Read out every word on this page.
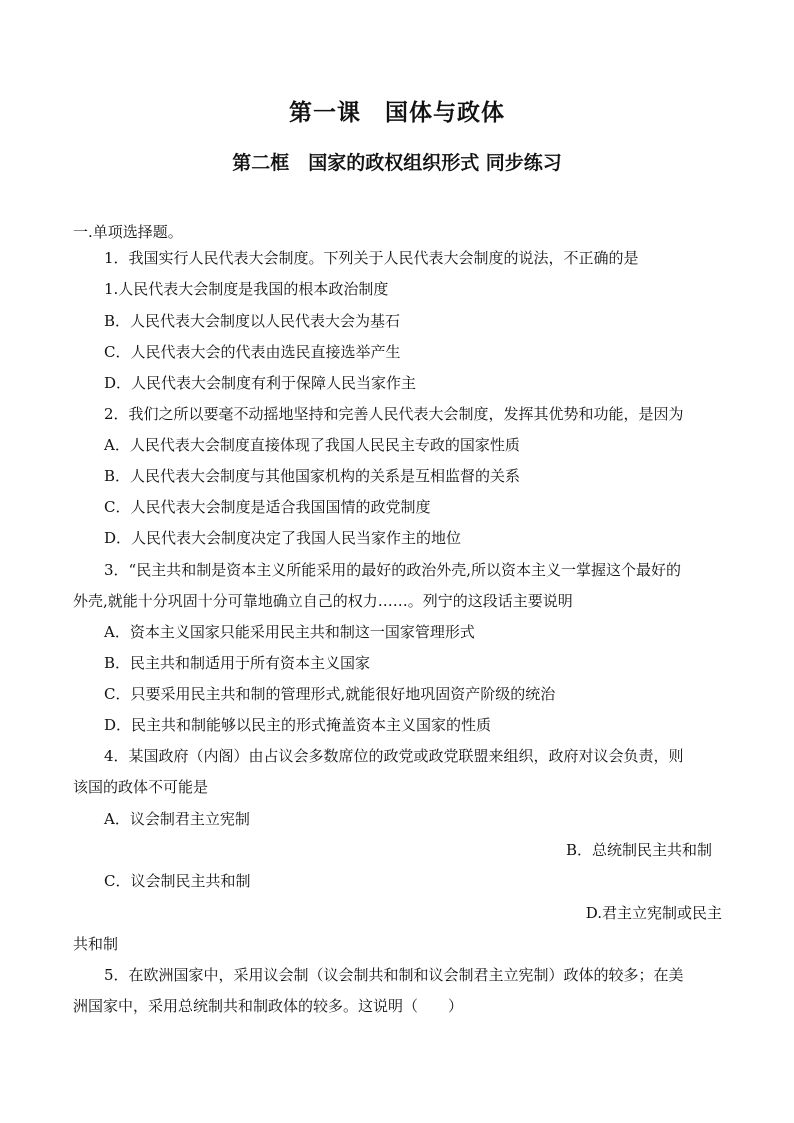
第一课　国体与政体
第二框　国家的政权组织形式 同步练习
一.单项选择题。
1．我国实行人民代表大会制度。下列关于人民代表大会制度的说法，不正确的是
1.人民代表大会制度是我国的根本政治制度
B．人民代表大会制度以人民代表大会为基石
C．人民代表大会的代表由选民直接选举产生
D．人民代表大会制度有利于保障人民当家作主
2．我们之所以要毫不动摇地坚持和完善人民代表大会制度，发挥其优势和功能，是因为
A．人民代表大会制度直接体现了我国人民民主专政的国家性质
B．人民代表大会制度与其他国家机构的关系是互相监督的关系
C．人民代表大会制度是适合我国国情的政党制度
D．人民代表大会制度决定了我国人民当家作主的地位
3．“民主共和制是资本主义所能采用的最好的政治外壳,所以资本主义一掌握这个最好的
外壳,就能十分巩固十分可靠地确立自己的权力……。列宁的这段话主要说明
A．资本主义国家只能采用民主共和制这一国家管理形式
B．民主共和制适用于所有资本主义国家
C．只要采用民主共和制的管理形式,就能很好地巩固资产阶级的统治
D．民主共和制能够以民主的形式掩盖资本主义国家的性质
4．某国政府（内阁）由占议会多数席位的政党或政党联盟来组织，政府对议会负责，则
该国的政体不可能是
A．议会制君主立宪制
B．总统制民主共和制
C．议会制民主共和制
D.君主立宪制或民主
共和制
5．在欧洲国家中，采用议会制（议会制共和制和议会制君主立宪制）政体的较多；在美
洲国家中，采用总统制共和制政体的较多。这说明（　　）
